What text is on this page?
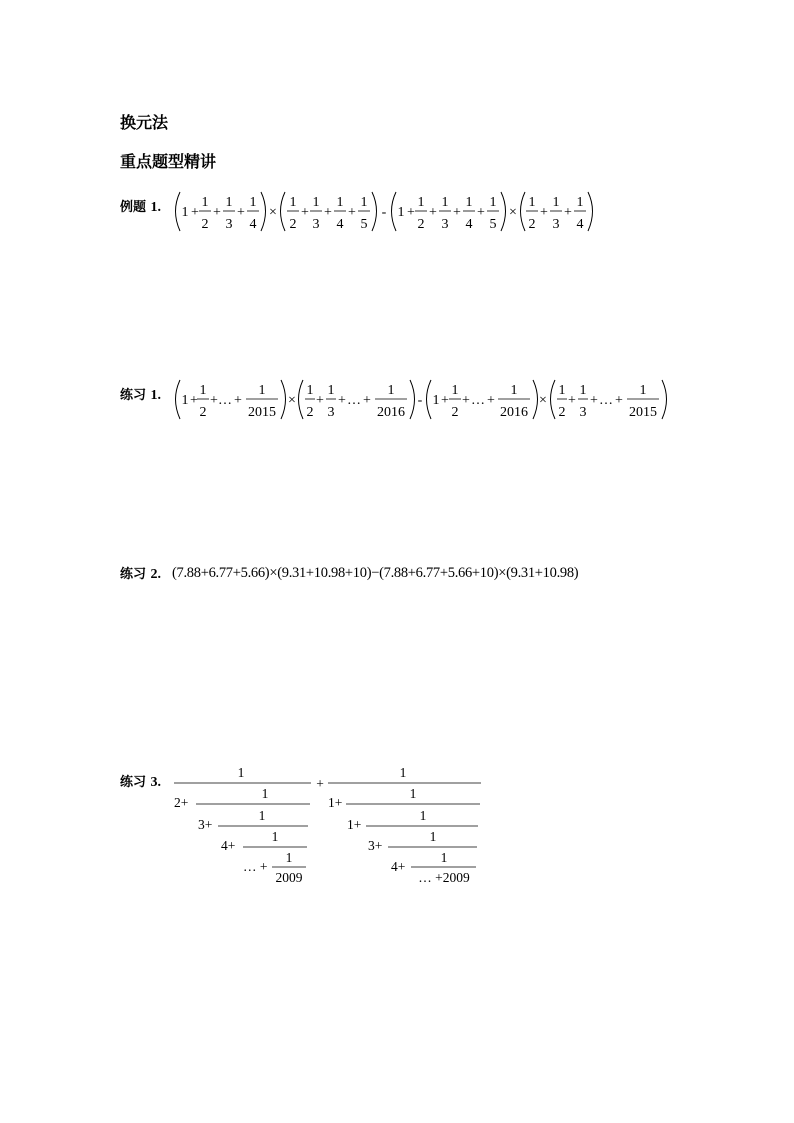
换元法
重点题型精讲
例题 1. 1 +
1
2
+
1
3
+
1
4
×
1
2
+
1
3
+
1
4
+
1
5
- 1 +
1
2
+
1
3
+
1
4
+
1
5
×
1
2
+
1
3
+
1
4
练习 1. 1 +
1
2
+ … +
1
2015
×
1
2
+
1
3
+ … +
1
2016
- 1 +
1
2
+ … +
1
2016
×
1
2
+
1
3
+ … +
1
2015
练习 2. (7.88+6.77+5.66)×(9.31+10.98+10)−(7.88+6.77+5.66+10)×(9.31+10.98)
练习 3.
1
2+
1
3+
1
4+
1
… +
1
2009
+
1
1+
1
1+
1
3+
1
4+
1
… +2009
